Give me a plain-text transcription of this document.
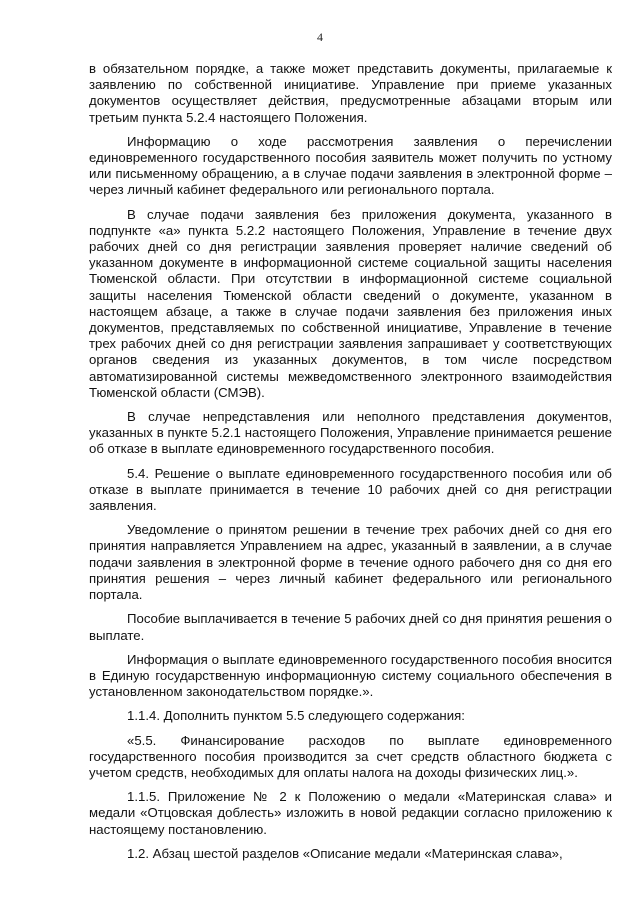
4

в обязательном порядке, а также может представить документы, прилагаемые к заявлению по собственной инициативе. Управление при приеме указанных документов осуществляет действия, предусмотренные абзацами вторым или третьим пункта 5.2.4 настоящего Положения.

Информацию о ходе рассмотрения заявления о перечислении единовременного государственного пособия заявитель может получить по устному или письменному обращению, а в случае подачи заявления в электронной форме – через личный кабинет федерального или регионального портала.

В случае подачи заявления без приложения документа, указанного в подпункте «а» пункта 5.2.2 настоящего Положения, Управление в течение двух рабочих дней со дня регистрации заявления проверяет наличие сведений об указанном документе в информационной системе социальной защиты населения Тюменской области. При отсутствии в информационной системе социальной защиты населения Тюменской области сведений о документе, указанном в настоящем абзаце, а также в случае подачи заявления без приложения иных документов, представляемых по собственной инициативе, Управление в течение трех рабочих дней со дня регистрации заявления запрашивает у соответствующих органов сведения из указанных документов, в том числе посредством автоматизированной системы межведомственного электронного взаимодействия Тюменской области (СМЭВ).

В случае непредставления или неполного представления документов, указанных в пункте 5.2.1 настоящего Положения, Управление принимается решение об отказе в выплате единовременного государственного пособия.

5.4. Решение о выплате единовременного государственного пособия или об отказе в выплате принимается в течение 10 рабочих дней со дня регистрации заявления.

Уведомление о принятом решении в течение трех рабочих дней со дня его принятия направляется Управлением на адрес, указанный в заявлении, а в случае подачи заявления в электронной форме в течение одного рабочего дня со дня его принятия решения – через личный кабинет федерального или регионального портала.

Пособие выплачивается в течение 5 рабочих дней со дня принятия решения о выплате.

Информация о выплате единовременного государственного пособия вносится в Единую государственную информационную систему социального обеспечения в установленном законодательством порядке.».

1.1.4. Дополнить пунктом 5.5 следующего содержания:

«5.5. Финансирование расходов по выплате единовременного государственного пособия производится за счет средств областного бюджета с учетом средств, необходимых для оплаты налога на доходы физических лиц.».

1.1.5. Приложение № 2 к Положению о медали «Материнская слава» и медали «Отцовская доблесть» изложить в новой редакции согласно приложению к настоящему постановлению.

1.2. Абзац шестой разделов «Описание медали «Материнская слава»,
